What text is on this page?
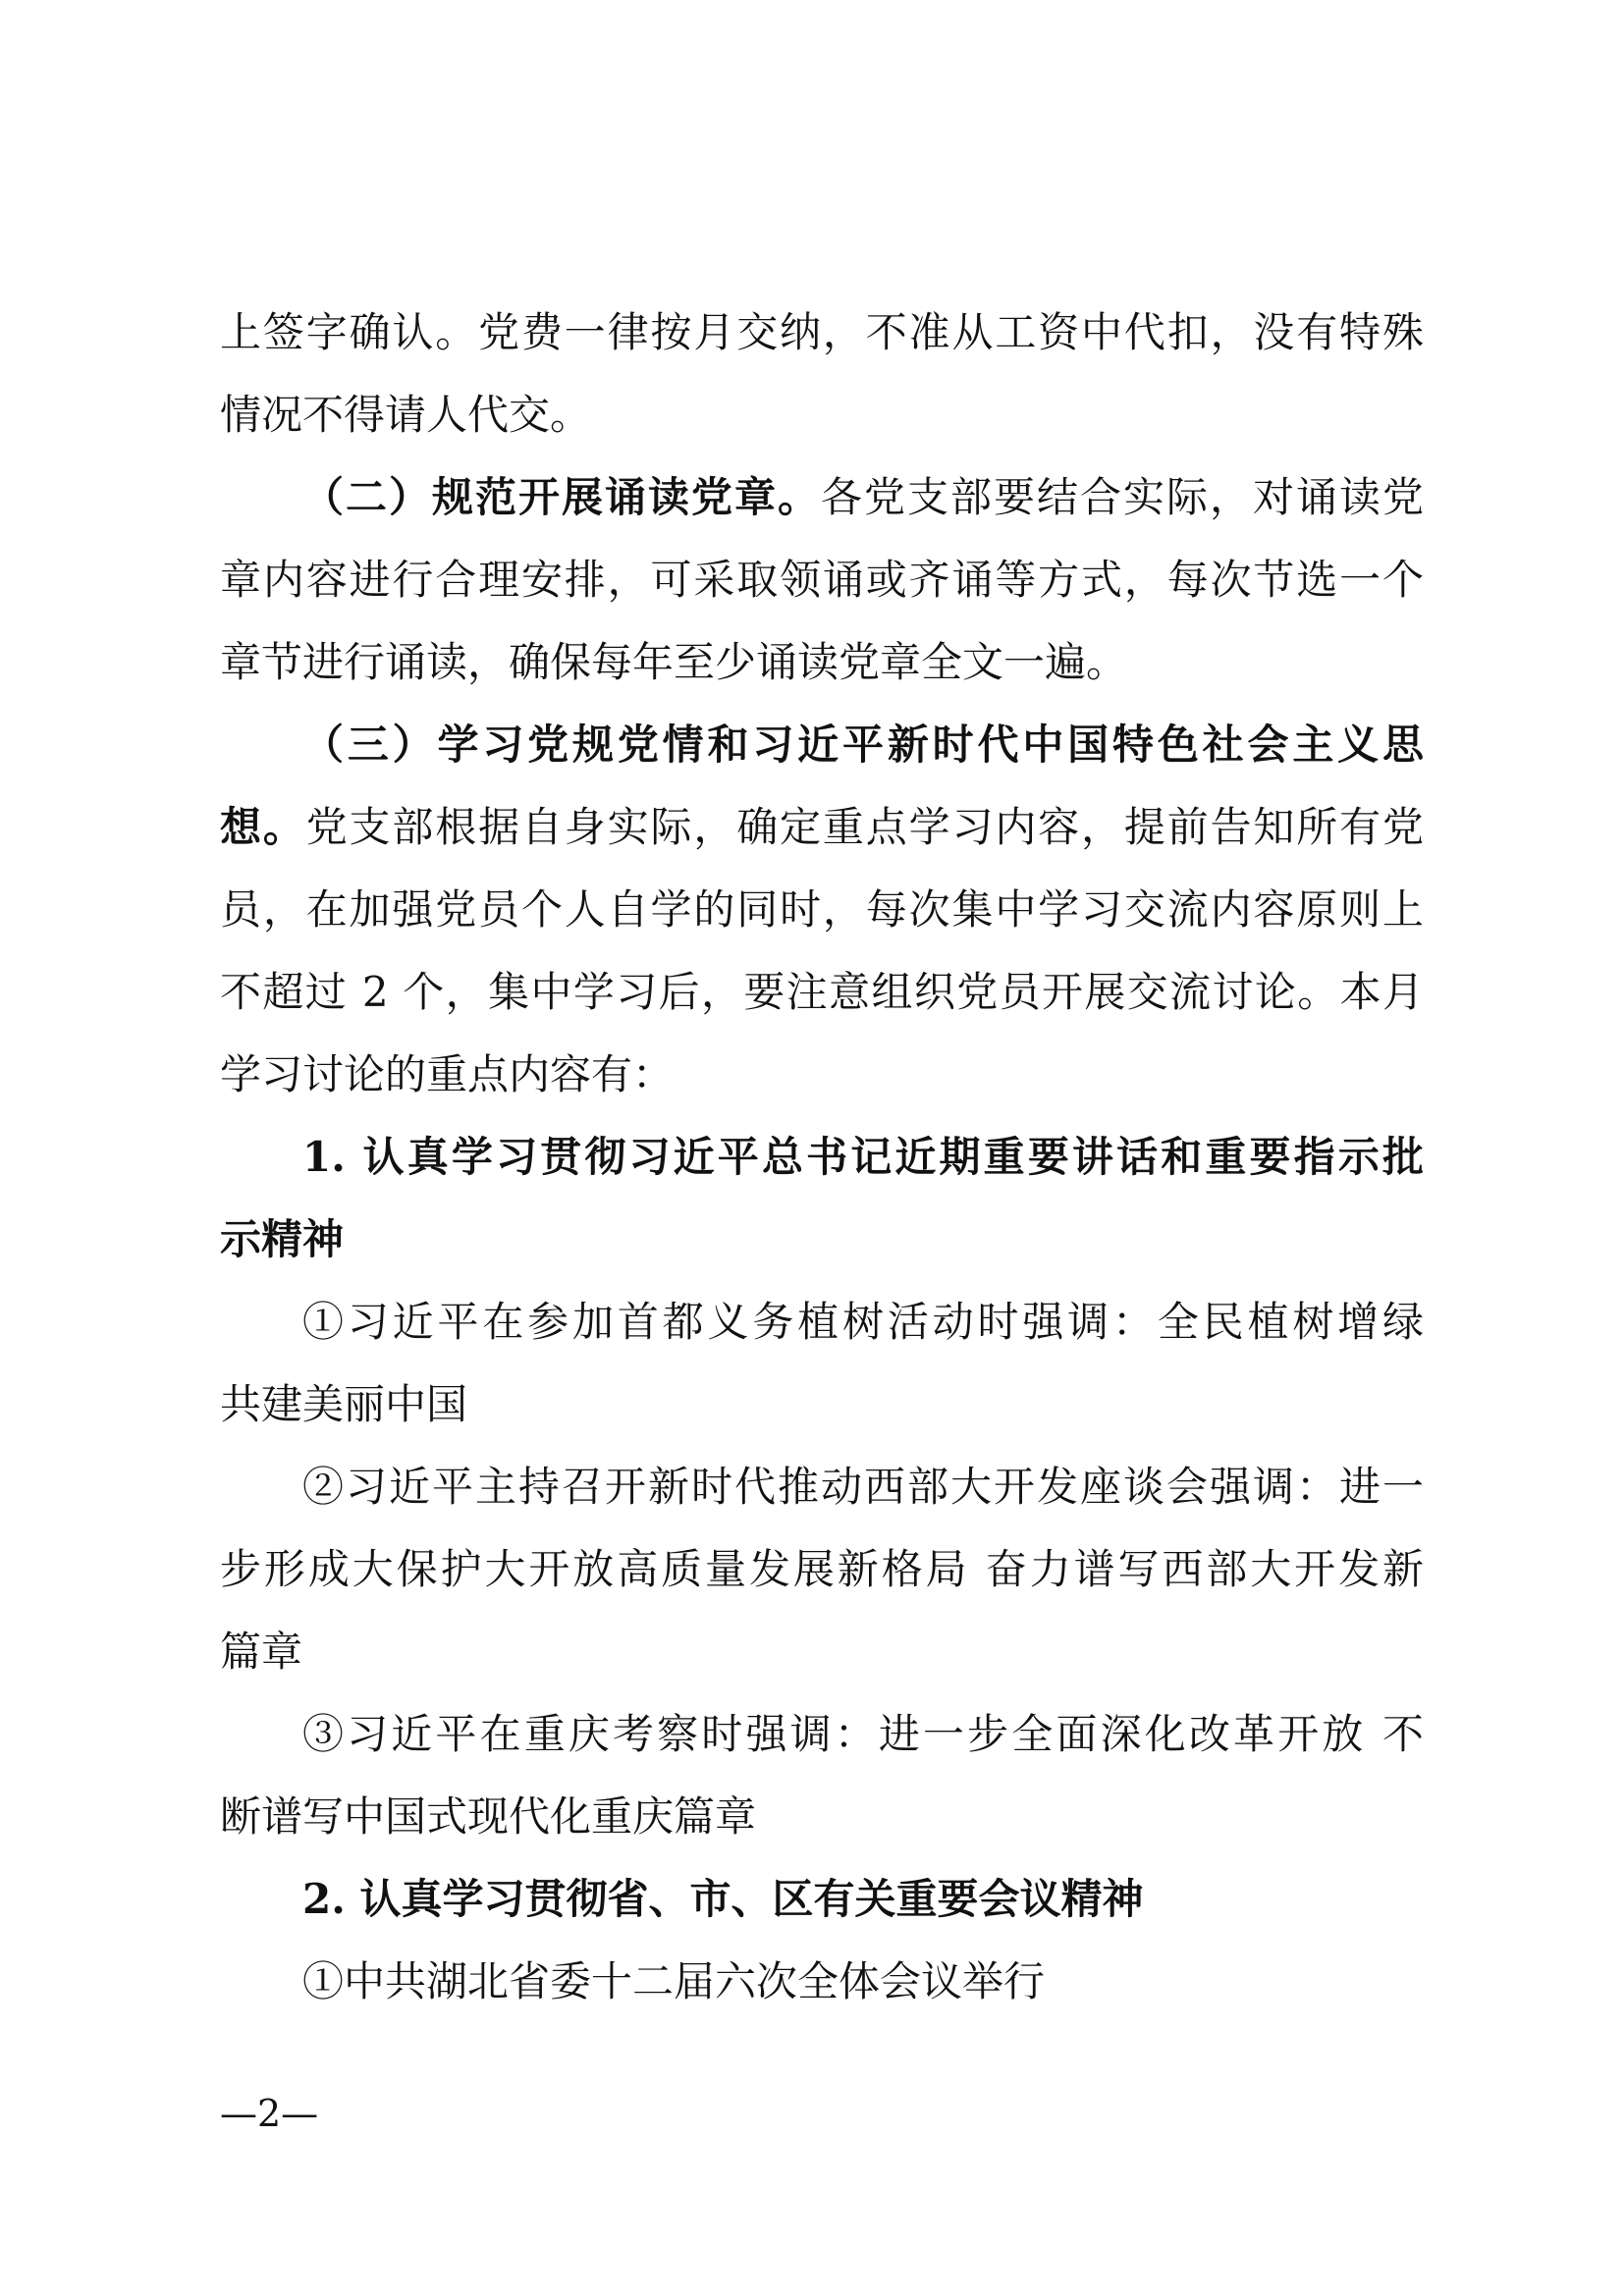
上签字确认。党费一律按月交纳，不准从工资中代扣，没有特殊
情况不得请人代交。
（二）规范开展诵读党章。各党支部要结合实际，对诵读党
章内容进行合理安排，可采取领诵或齐诵等方式，每次节选一个
章节进行诵读，确保每年至少诵读党章全文一遍。
（三）学习党规党情和习近平新时代中国特色社会主义思
想。党支部根据自身实际，确定重点学习内容，提前告知所有党
员，在加强党员个人自学的同时，每次集中学习交流内容原则上
不超过 2 个，集中学习后，要注意组织党员开展交流讨论。本月
学习讨论的重点内容有：
1. 认真学习贯彻习近平总书记近期重要讲话和重要指示批
示精神
①习近平在参加首都义务植树活动时强调：全民植树增绿
共建美丽中国
②习近平主持召开新时代推动西部大开发座谈会强调：进一
步形成大保护大开放高质量发展新格局 奋力谱写西部大开发新
篇章
③习近平在重庆考察时强调：进一步全面深化改革开放 不
断谱写中国式现代化重庆篇章
2. 认真学习贯彻省、市、区有关重要会议精神
①中共湖北省委十二届六次全体会议举行
—2—
